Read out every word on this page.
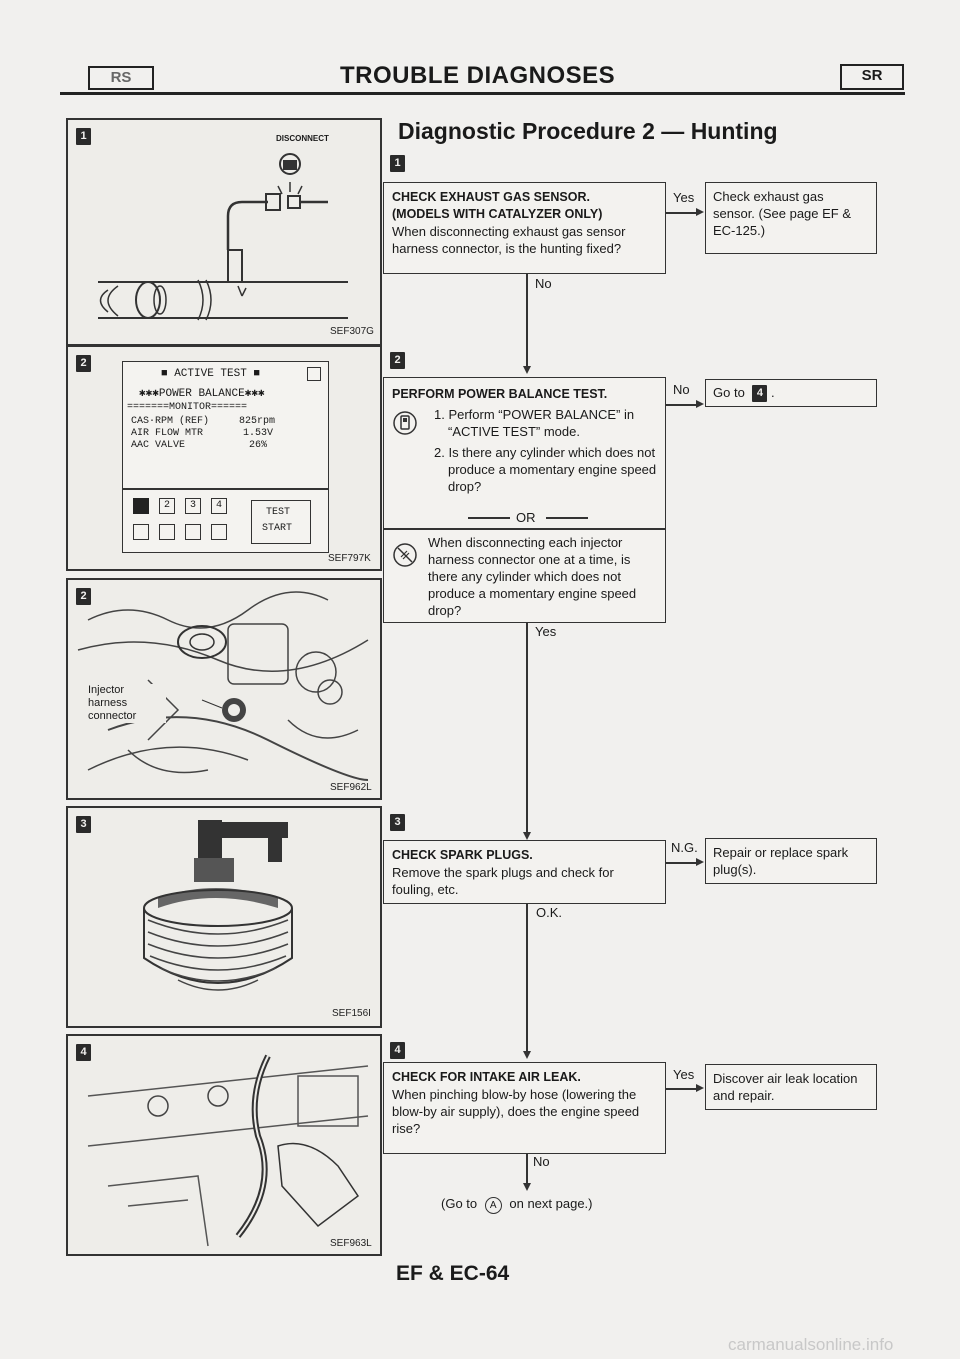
RS	TROUBLE DIAGNOSES	SR
1	DISCONNECT
SEF307G
2
■ ACTIVE TEST ■
✱✱✱POWER BALANCE✱✱✱
=======MONITOR======
CAS·RPM (REF)	825rpm
AIR FLOW MTR	1.53V
AAC VALVE	26%
1	2	3	4
TEST
START
SEF797K
2
Injector harness connector
SEF962L
3
SEF156I
4
SEF963L
Diagnostic Procedure 2 — Hunting
1
CHECK EXHAUST GAS SENSOR.
(MODELS WITH CATALYZER ONLY)
When disconnecting exhaust gas sensor harness connector, is the hunting fixed?
Yes	Check exhaust gas sensor. (See page EF & EC-125.)
No
2
PERFORM POWER BALANCE TEST.
1. Perform “POWER BALANCE” in “ACTIVE TEST” mode.
2. Is there any cylinder which does not produce a momentary engine speed drop?
OR
When disconnecting each injector harness connector one at a time, is there any cylinder which does not produce a momentary engine speed drop?
No	Go to 4 .
Yes
3
CHECK SPARK PLUGS.
Remove the spark plugs and check for fouling, etc.
N.G.	Repair or replace spark plug(s).
O.K.
4
CHECK FOR INTAKE AIR LEAK.
When pinching blow-by hose (lowering the blow-by air supply), does the engine speed rise?
Yes	Discover air leak location and repair.
No
(Go to A on next page.)
EF & EC-64
carmanualsonline.info
